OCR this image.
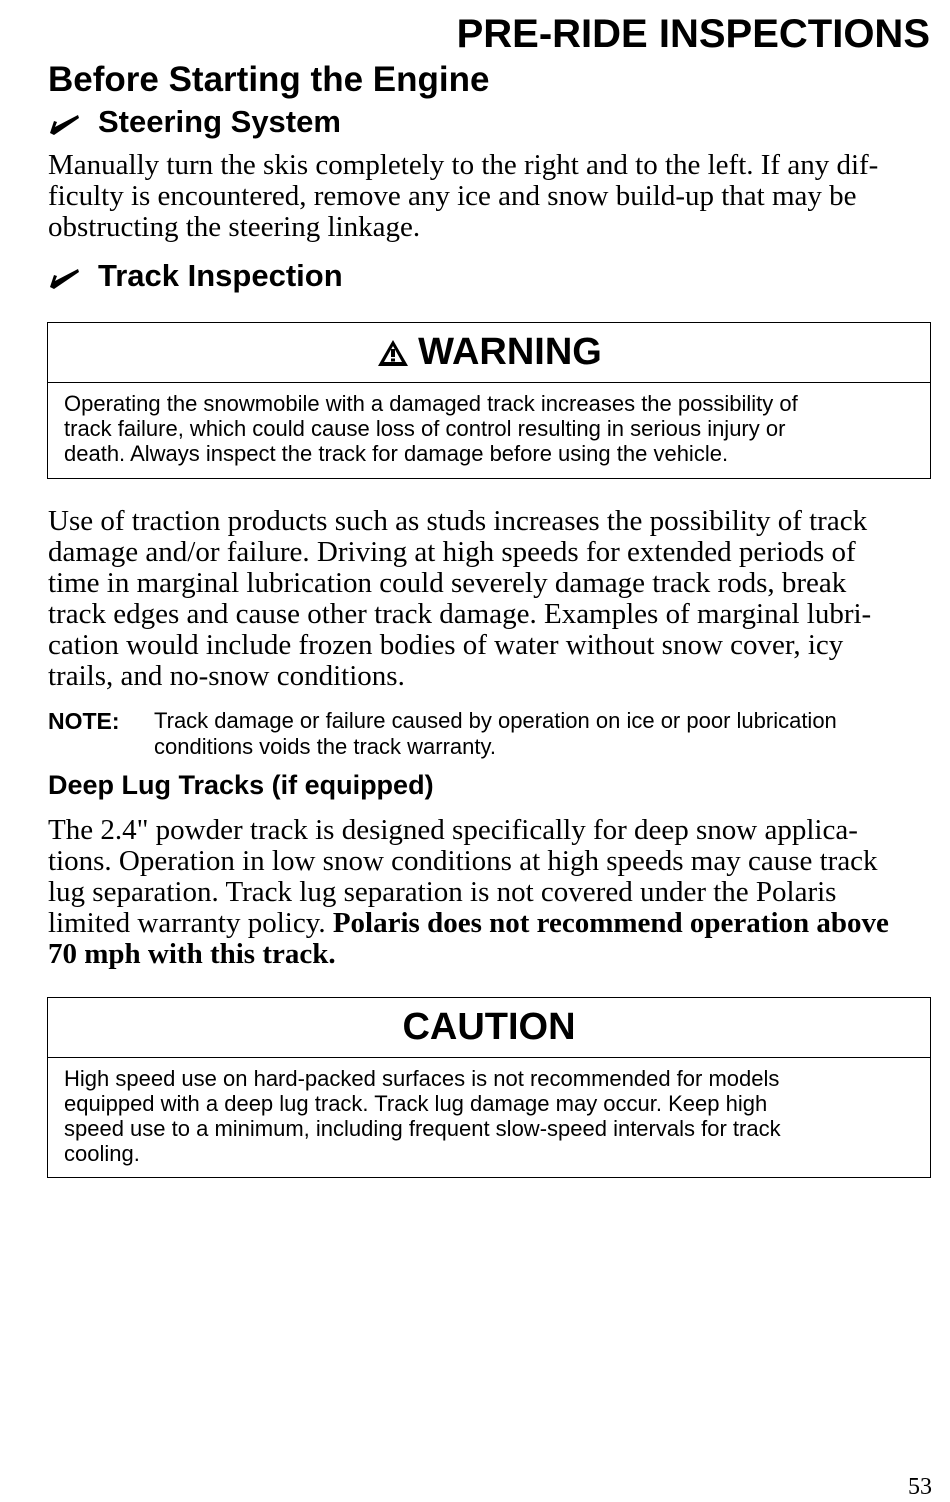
PRE-RIDE INSPECTIONS
Before Starting the Engine
Steering System
Manually turn the skis completely to the right and to the left. If any dif-
ficulty is encountered, remove any ice and snow build-up that may be
obstructing the steering linkage.
Track Inspection
WARNING
Operating the snowmobile with a damaged track increases the possibility of
track failure, which could cause loss of control resulting in serious injury or
death. Always inspect the track for damage before using the vehicle.
Use of traction products such as studs increases the possibility of track
damage and/or failure. Driving at high speeds for extended periods of
time in marginal lubrication could severely damage track rods, break
track edges and cause other track damage. Examples of marginal lubri-
cation would include frozen bodies of water without snow cover, icy
trails, and no-snow conditions.
NOTE: Track damage or failure caused by operation on ice or poor lubrication
conditions voids the track warranty.
Deep Lug Tracks (if equipped)
The 2.4" powder track is designed specifically for deep snow applica-
tions. Operation in low snow conditions at high speeds may cause track
lug separation. Track lug separation is not covered under the Polaris
limited warranty policy. Polaris does not recommend operation above
70 mph with this track.
CAUTION
High speed use on hard-packed surfaces is not recommended for models
equipped with a deep lug track. Track lug damage may occur. Keep high
speed use to a minimum, including frequent slow-speed intervals for track
cooling.
53
